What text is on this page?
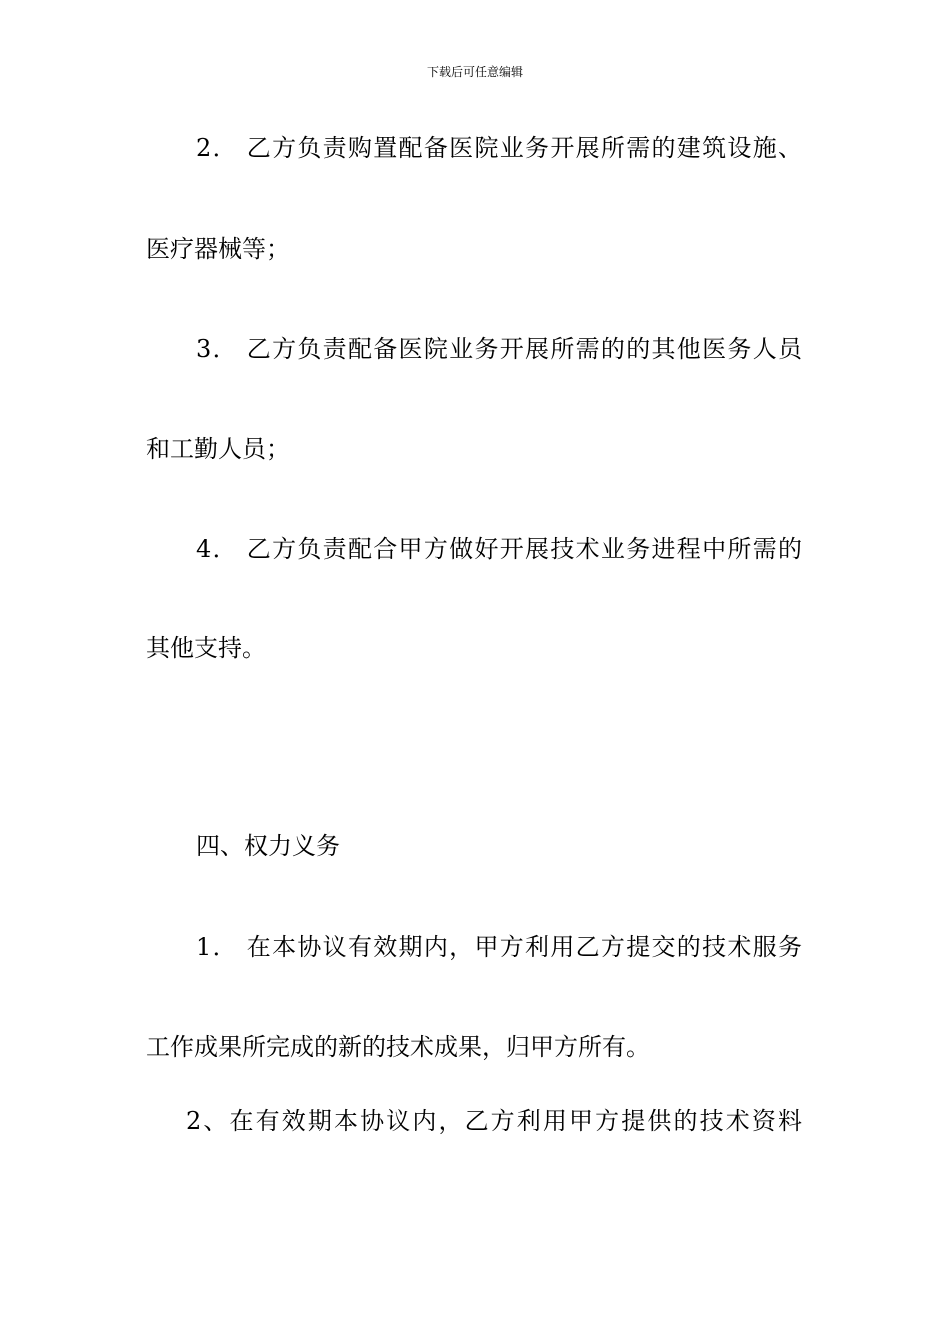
下载后可任意编辑
2． 乙方负责购置配备医院业务开展所需的建筑设施、
医疗器械等；
3． 乙方负责配备医院业务开展所需的的其他医务人员
和工勤人员；
4． 乙方负责配合甲方做好开展技术业务进程中所需的
其他支持。
四、权力义务
1． 在本协议有效期内，甲方利用乙方提交的技术服务
工作成果所完成的新的技术成果，归甲方所有。
2、在有效期本协议内，乙方利用甲方提供的技术资料
